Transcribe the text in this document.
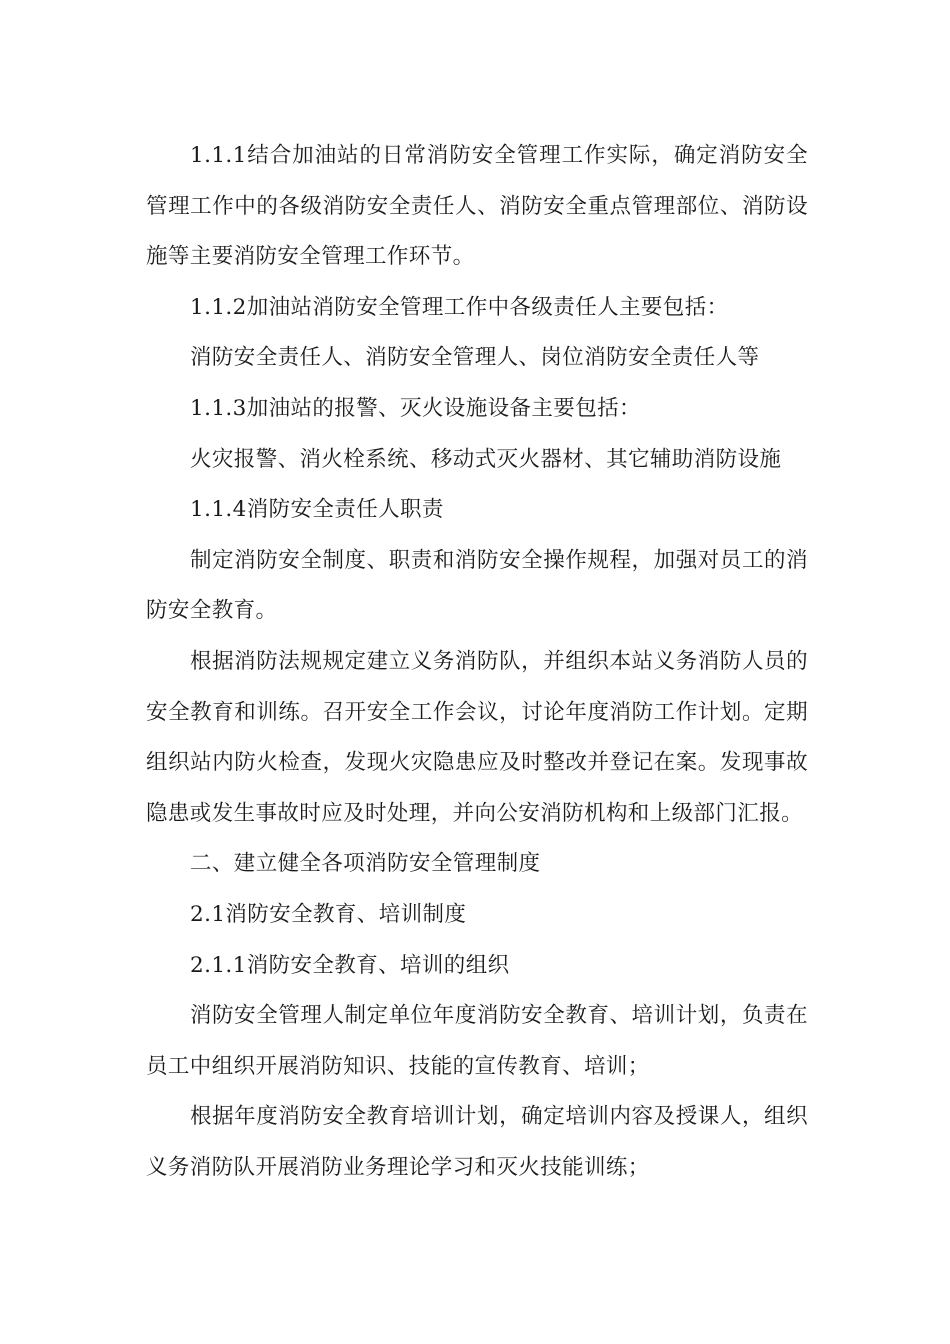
1.1.1结合加油站的日常消防安全管理工作实际，确定消防安全管理工作中的各级消防安全责任人、消防安全重点管理部位、消防设施等主要消防安全管理工作环节。

1.1.2加油站消防安全管理工作中各级责任人主要包括：

消防安全责任人、消防安全管理人、岗位消防安全责任人等

1.1.3加油站的报警、灭火设施设备主要包括：

火灾报警、消火栓系统、移动式灭火器材、其它辅助消防设施

1.1.4消防安全责任人职责

制定消防安全制度、职责和消防安全操作规程，加强对员工的消防安全教育。

根据消防法规规定建立义务消防队，并组织本站义务消防人员的安全教育和训练。召开安全工作会议，讨论年度消防工作计划。定期组织站内防火检查，发现火灾隐患应及时整改并登记在案。发现事故隐患或发生事故时应及时处理，并向公安消防机构和上级部门汇报。

二、建立健全各项消防安全管理制度

2.1消防安全教育、培训制度

2.1.1消防安全教育、培训的组织

消防安全管理人制定单位年度消防安全教育、培训计划，负责在员工中组织开展消防知识、技能的宣传教育、培训；

根据年度消防安全教育培训计划，确定培训内容及授课人，组织义务消防队开展消防业务理论学习和灭火技能训练；
